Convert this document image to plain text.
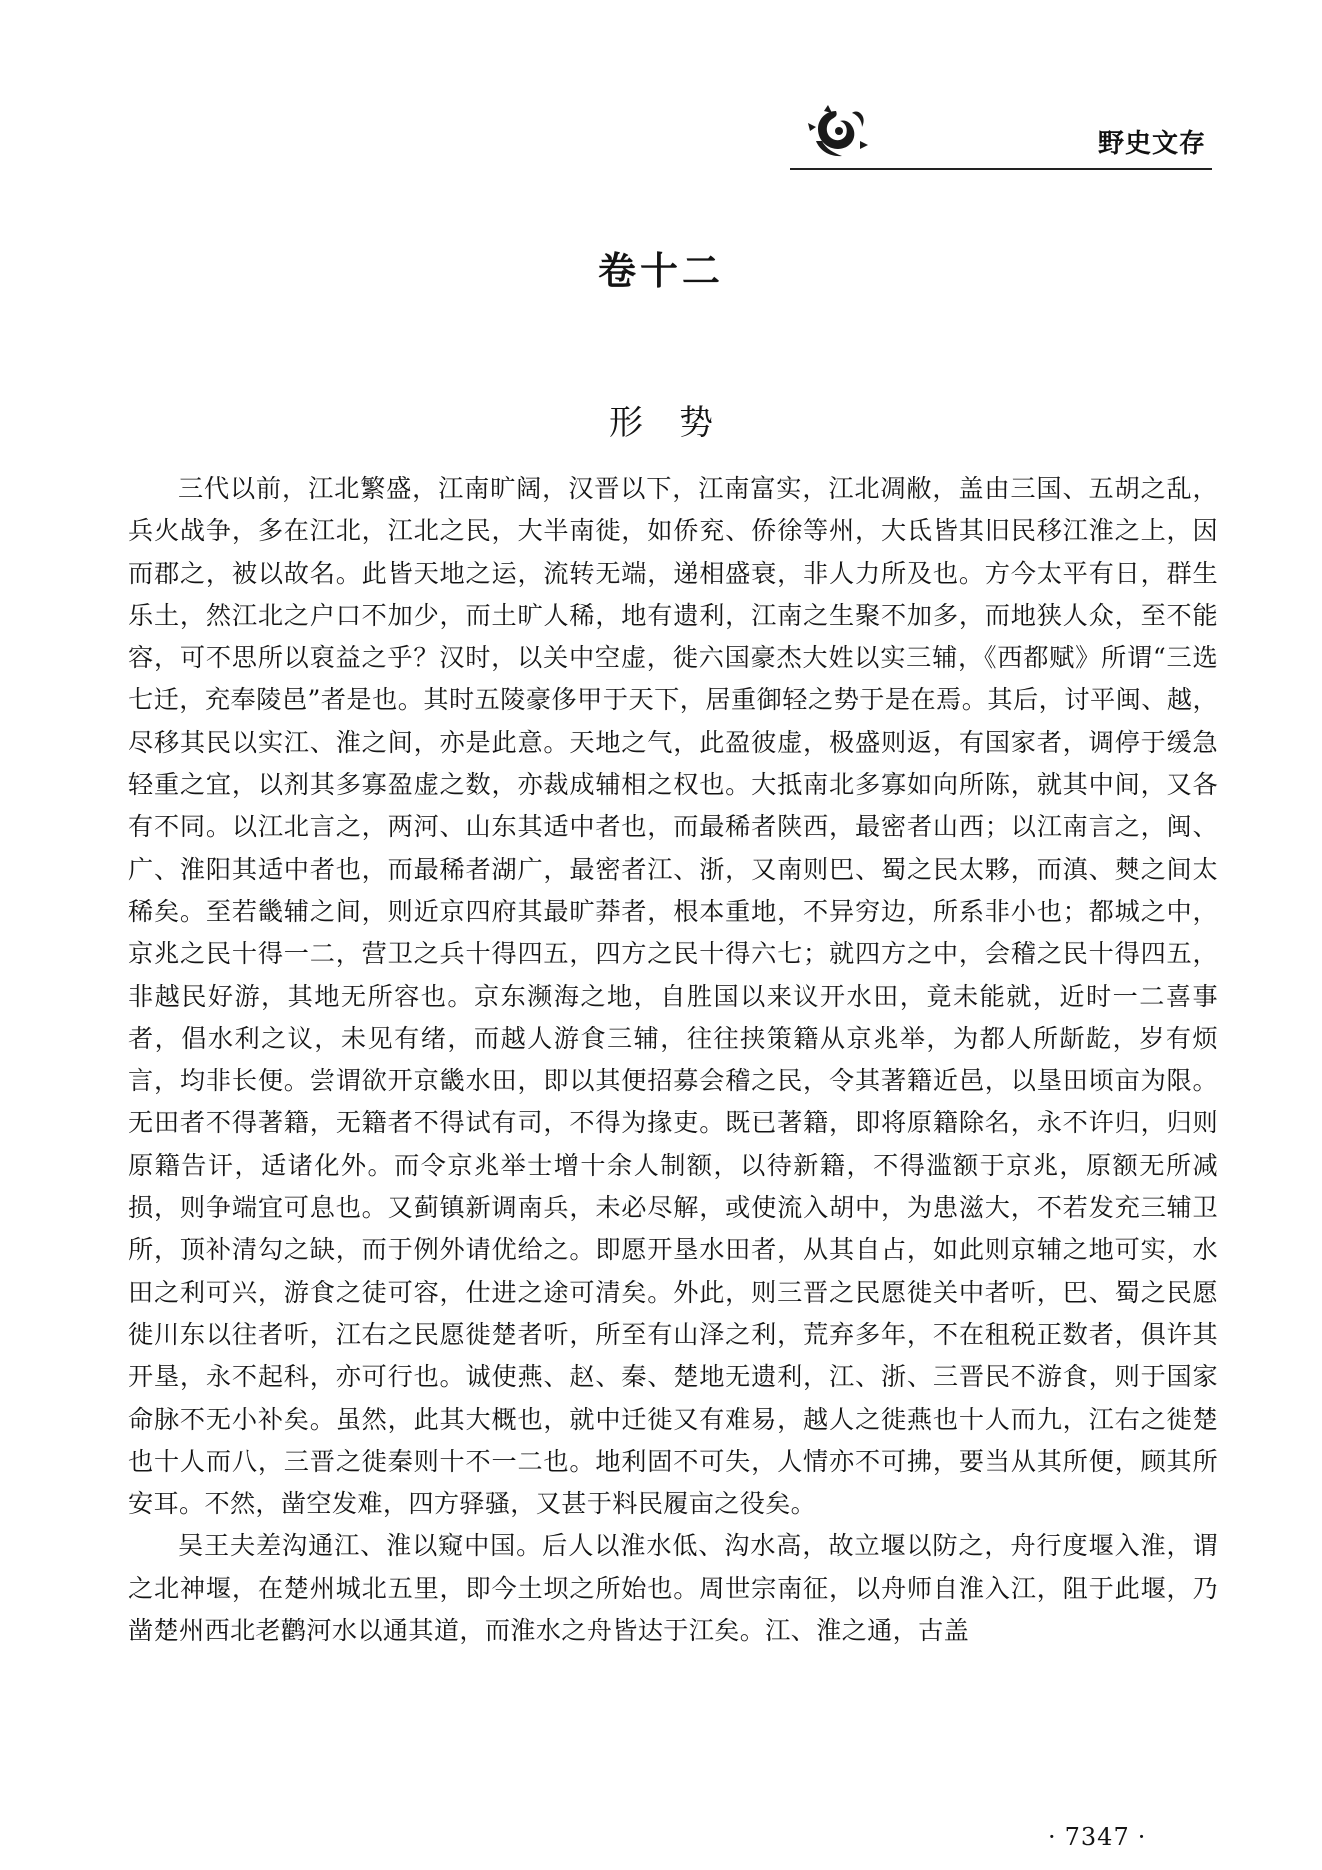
野史文存
卷十二
形势

三代以前，江北繁盛，江南旷阔，汉晋以下，江南富实，江北凋敝，盖由三国、五胡之乱，兵火战争，多在江北，江北之民，大半南徙，如侨兖、侨徐等州，大氐皆其旧民移江淮之上，因而郡之，被以故名。此皆天地之运，流转无端，递相盛衰，非人力所及也。方今太平有日，群生乐土，然江北之户口不加少，而土旷人稀，地有遗利，江南之生聚不加多，而地狭人众，至不能容，可不思所以裒益之乎？汉时，以关中空虚，徙六国豪杰大姓以实三辅，《西都赋》所谓“三选七迁，充奉陵邑”者是也。其时五陵豪侈甲于天下，居重御轻之势于是在焉。其后，讨平闽、越，尽移其民以实江、淮之间，亦是此意。天地之气，此盈彼虚，极盛则返，有国家者，调停于缓急轻重之宜，以剂其多寡盈虚之数，亦裁成辅相之权也。大抵南北多寡如向所陈，就其中间，又各有不同。以江北言之，两河、山东其适中者也，而最稀者陕西，最密者山西；以江南言之，闽、广、淮阳其适中者也，而最稀者湖广，最密者江、浙，又南则巴、蜀之民太夥，而滇、僰之间太稀矣。至若畿辅之间，则近京四府其最旷莽者，根本重地，不异穷边，所系非小也；都城之中，京兆之民十得一二，营卫之兵十得四五，四方之民十得六七；就四方之中，会稽之民十得四五，非越民好游，其地无所容也。京东濒海之地，自胜国以来议开水田，竟未能就，近时一二喜事者，倡水利之议，未见有绪，而越人游食三辅，往往挟策籍从京兆举，为都人所龂龁，岁有烦言，均非长便。尝谓欲开京畿水田，即以其便招募会稽之民，令其著籍近邑，以垦田顷亩为限。无田者不得著籍，无籍者不得试有司，不得为掾吏。既已著籍，即将原籍除名，永不许归，归则原籍告讦，适诸化外。而令京兆举士增十余人制额，以待新籍，不得滥额于京兆，原额无所减损，则争端宜可息也。又蓟镇新调南兵，未必尽解，或使流入胡中，为患滋大，不若发充三辅卫所，顶补清勾之缺，而于例外请优给之。即愿开垦水田者，从其自占，如此则京辅之地可实，水田之利可兴，游食之徒可容，仕进之途可清矣。外此，则三晋之民愿徙关中者听，巴、蜀之民愿徙川东以往者听，江右之民愿徙楚者听，所至有山泽之利，荒弃多年，不在租税正数者，俱许其开垦，永不起科，亦可行也。诚使燕、赵、秦、楚地无遗利，江、浙、三晋民不游食，则于国家命脉不无小补矣。虽然，此其大概也，就中迁徙又有难易，越人之徙燕也十人而九，江右之徙楚也十人而八，三晋之徙秦则十不一二也。地利固不可失，人情亦不可拂，要当从其所便，顾其所安耳。不然，凿空发难，四方驿骚，又甚于料民履亩之役矣。

吴王夫差沟通江、淮以窥中国。后人以淮水低、沟水高，故立堰以防之，舟行度堰入淮，谓之北神堰，在楚州城北五里，即今土坝之所始也。周世宗南征，以舟师自淮入江，阻于此堰，乃凿楚州西北老鹳河水以通其道，而淮水之舟皆达于江矣。江、淮之通，古盖

· 7347 ·
